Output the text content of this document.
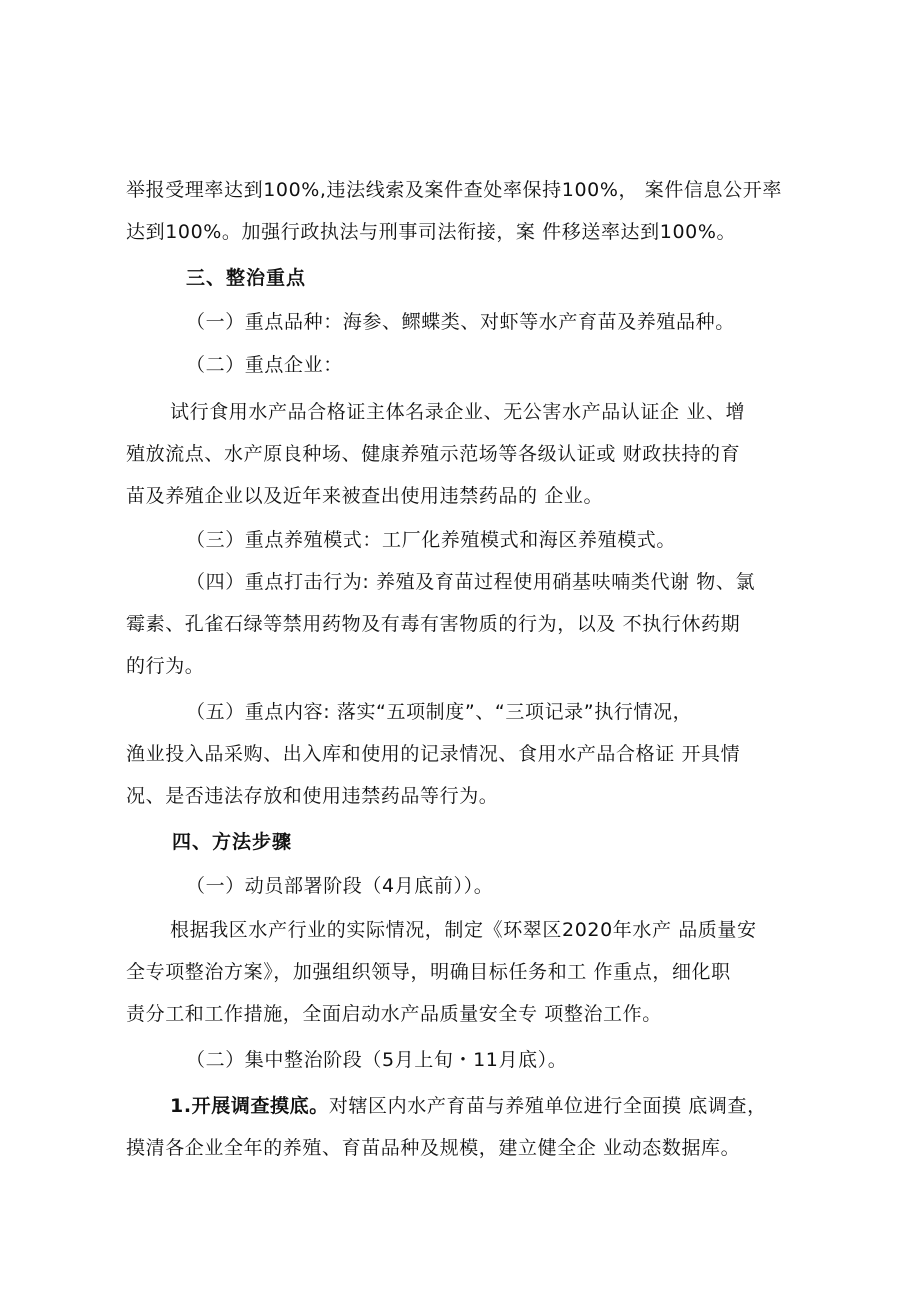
举报受理率达到100%,违法线索及案件查处率保持100%， 案件信息公开率
达到100%。加强行政执法与刑事司法衔接，案 件移送率达到100%。
三、整治重点
（一）重点品种：海参、鳏蝶类、对虾等水产育苗及养殖品种。
（二）重点企业：
试行食用水产品合格证主体名录企业、无公害水产品认证企 业、增
殖放流点、水产原良种场、健康养殖示范场等各级认证或 财政扶持的育
苗及养殖企业以及近年来被查出使用违禁药品的 企业。
（三）重点养殖模式：工厂化养殖模式和海区养殖模式。
（四）重点打击行为: 养殖及育苗过程使用硝基呋喃类代谢 物、氯
霉素、孔雀石绿等禁用药物及有毒有害物质的行为，以及 不执行休药期
的行为。
（五）重点内容: 落实“五项制度”、“三项记录”执行情况，
渔业投入品采购、出入库和使用的记录情况、食用水产品合格证 开具情
况、是否违法存放和使用违禁药品等行为。
四、方法步骤
（一）动员部署阶段（4月底前））。
根据我区水产行业的实际情况，制定《环翠区2020年水产 品质量安
全专项整治方案》，加强组织领导，明确目标任务和工 作重点，细化职
责分工和工作措施，全面启动水产品质量安全专 项整治工作。
（二）集中整治阶段（5月上旬・11月底）。
1.开展调查摸底。对辖区内水产育苗与养殖单位进行全面摸 底调查，
摸清各企业全年的养殖、育苗品种及规模，建立健全企 业动态数据库。
